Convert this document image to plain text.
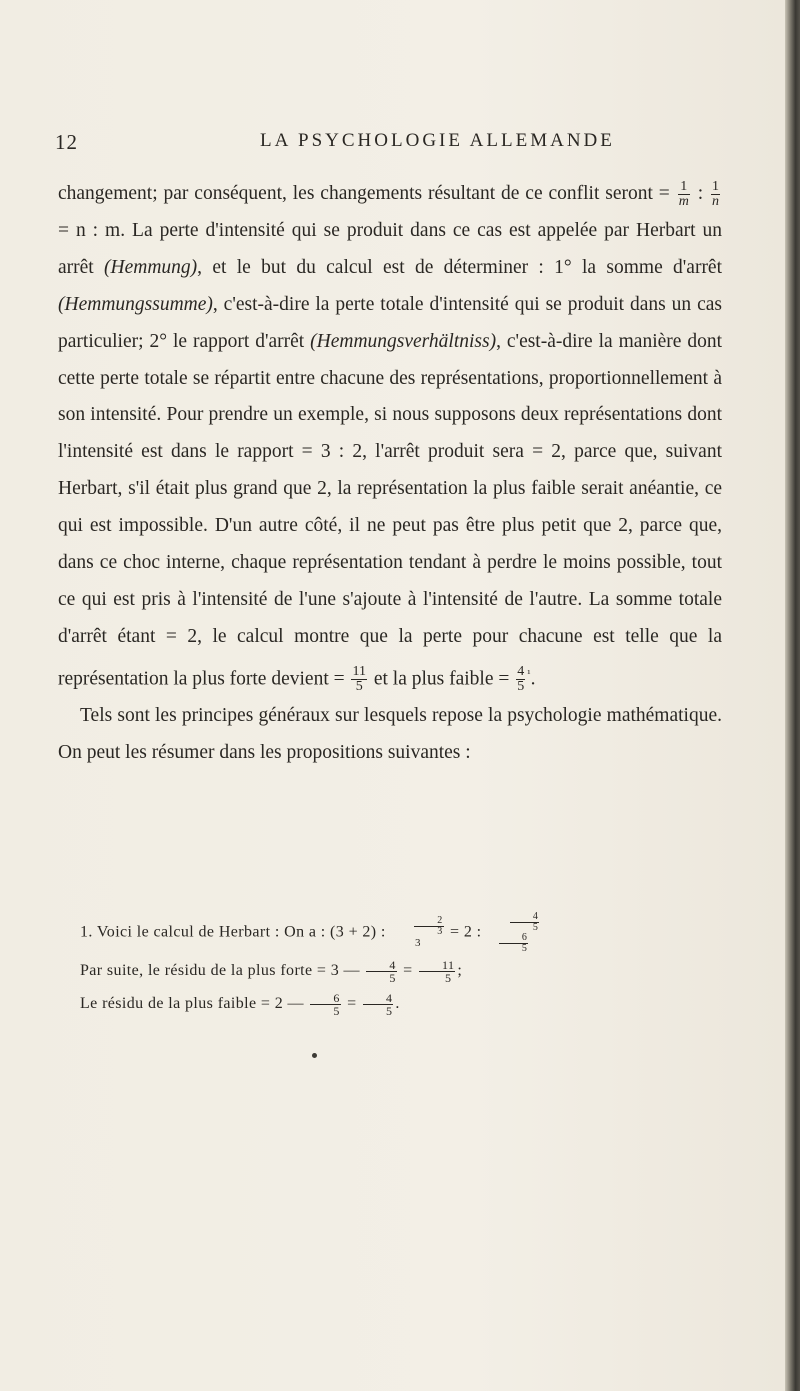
12	LA PSYCHOLOGIE ALLEMANDE

changement; par conséquent, les changements résultant de ce conflit seront = $\frac{1}{m}$ : $\frac{1}{n}$
= n : m. La perte d'intensité qui se produit dans ce cas est appelée par Herbart un arrêt (Hemmung), et le but du calcul est de déterminer : 1° la somme d'arrêt (Hemmungssumme), c'est-à-dire la perte totale d'intensité qui se produit dans un cas particulier; 2° le rapport d'arrêt (Hemmungsverhältniss), c'est-à-dire la manière dont cette perte totale se répartit entre chacune des représentations, proportionnellement à son intensité. Pour prendre un exemple, si nous supposons deux représentations dont l'intensité est dans le rapport = 3 : 2, l'arrêt produit sera = 2, parce que, suivant Herbart, s'il était plus grand que 2, la représentation la plus faible serait anéantie, ce qui est impossible. D'un autre côté, il ne peut pas être plus petit que 2, parce que, dans ce choc interne, chaque représentation tendant à perdre le moins possible, tout ce qui est pris à l'intensité de l'une s'ajoute à l'intensité de l'autre. La somme totale d'arrêt étant = 2, le calcul montre que la perte pour chacune est telle que la représentation la plus forte devient = $\frac{11}{5}$ et la plus faible = $\frac{4}{5} ^{^1}$.

Tels sont les principes généraux sur lesquels repose la psychologie mathématique. On peut les résumer dans les propositions suivantes :

1. Voici le calcul de Herbart : On a : (3 + 2) :	$\frac{2}{3}$

3 = 2 :	$\frac{4}{5}$

$\frac{6}{5}$

Par suite, le résidu de la plus forte = 3 — $\frac{4}{5} = \frac{11}{5}$ ;

Le résidu de la plus faible = 2 — $\frac{6}{5} = \frac{4}{5}$ .
